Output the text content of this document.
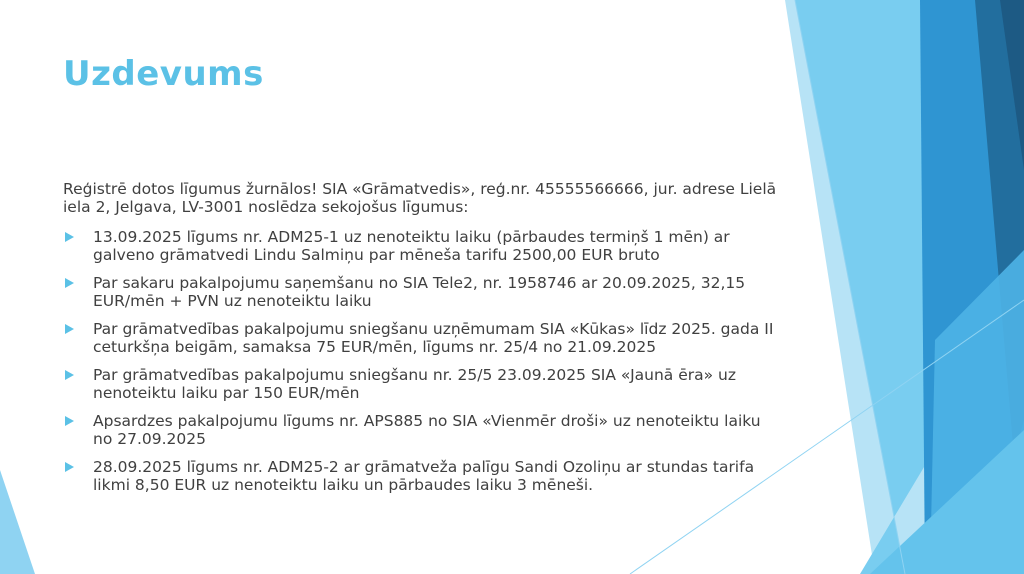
Uzdevums

Reģistrē dotos līgumus žurnālos! SIA «Grāmatvedis», reģ.nr. 45555566666, jur. adrese Lielā iela 2, Jelgava, LV-3001 noslēdza sekojošus līgumus:

13.09.2025 līgums nr. ADM25-1 uz nenoteiktu laiku (pārbaudes termiņš 1 mēn) ar galveno grāmatvedi Lindu Salmiņu par mēneša tarifu 2500,00 EUR bruto
Par sakaru pakalpojumu saņemšanu no SIA Tele2, nr. 1958746 ar 20.09.2025, 32,15 EUR/mēn + PVN uz nenoteiktu laiku
Par grāmatvedības pakalpojumu sniegšanu uzņēmumam SIA «Kūkas» līdz 2025. gada II ceturkšņa beigām, samaksa 75 EUR/mēn, līgums nr. 25/4 no 21.09.2025
Par grāmatvedības pakalpojumu sniegšanu nr. 25/5 23.09.2025 SIA «Jaunā ēra» uz nenoteiktu laiku par 150 EUR/mēn
Apsardzes pakalpojumu līgums nr. APS885 no SIA «Vienmēr droši» uz nenoteiktu laiku no 27.09.2025
28.09.2025 līgums nr. ADM25-2 ar grāmatveža palīgu Sandi Ozoliņu ar stundas tarifa likmi 8,50 EUR uz nenoteiktu laiku un pārbaudes laiku 3 mēneši.
